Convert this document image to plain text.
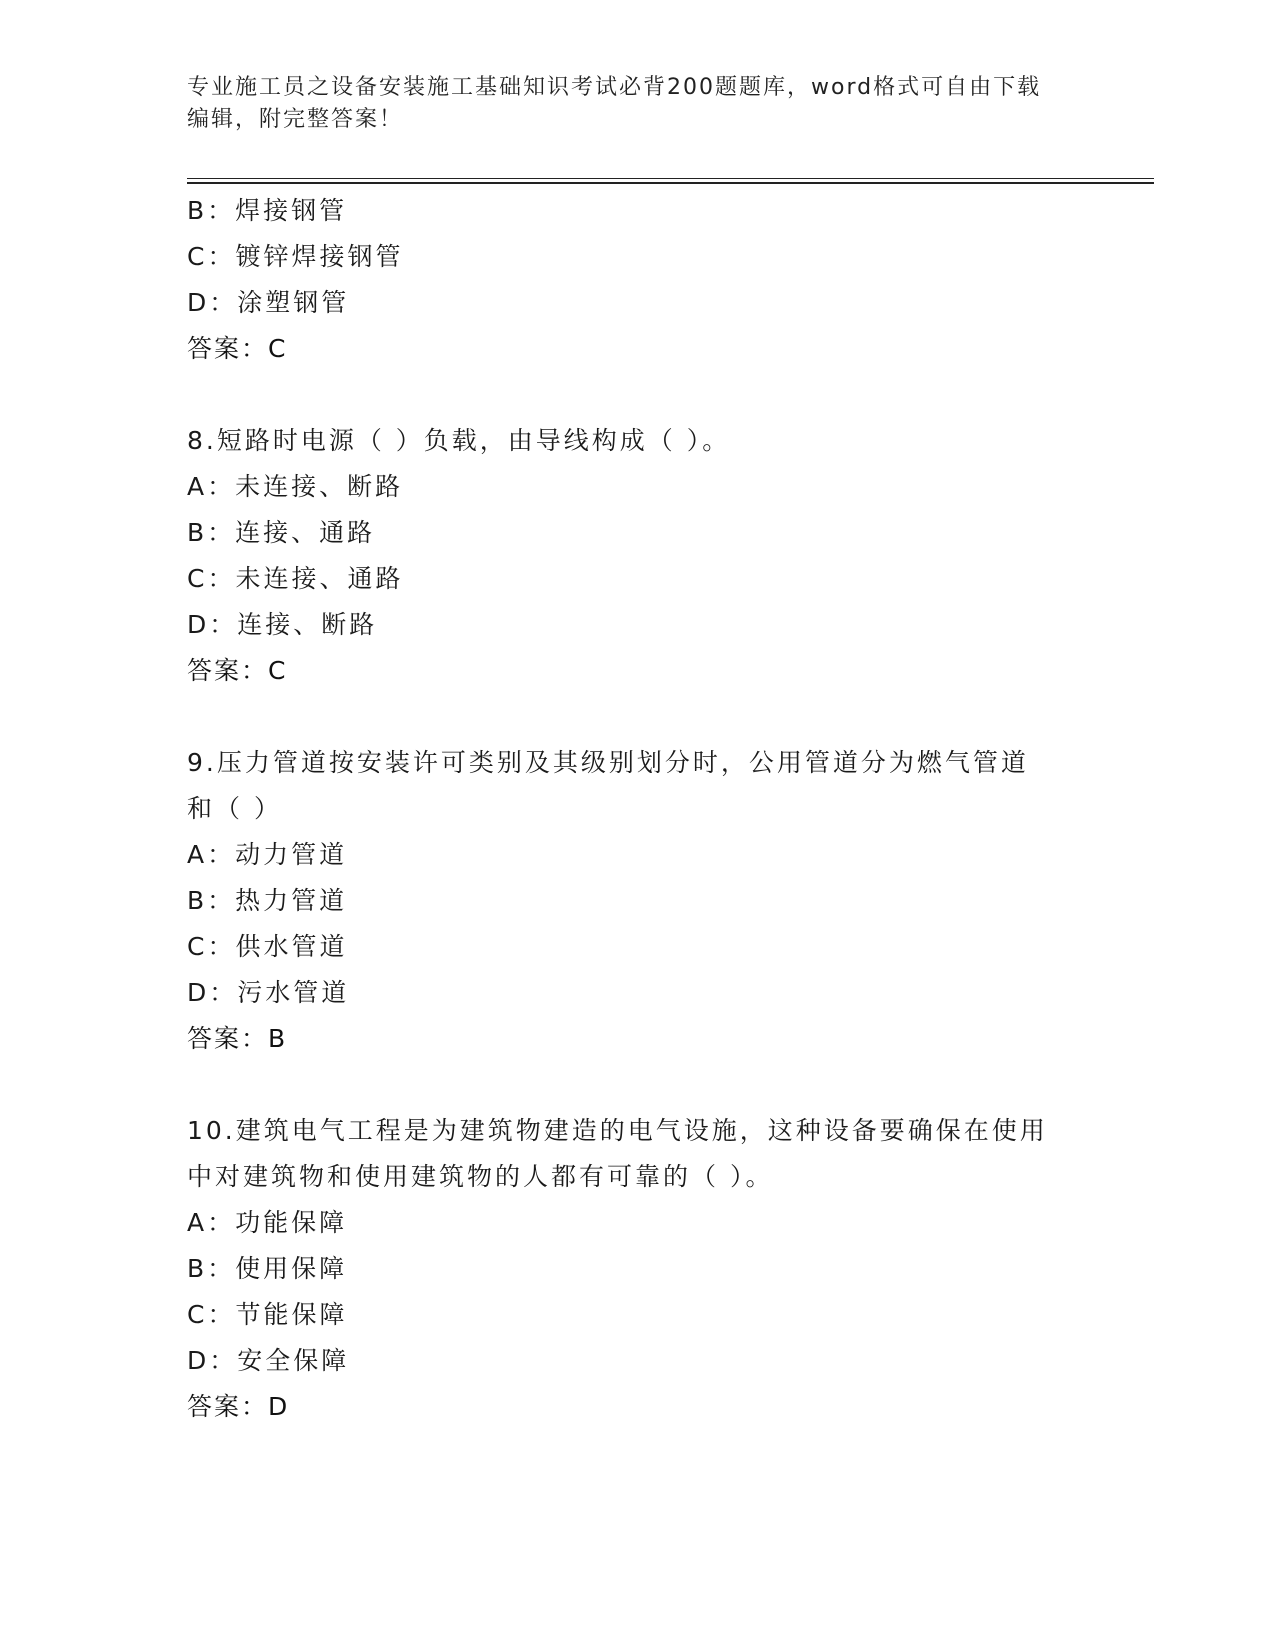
专业施工员之设备安装施工基础知识考试必背200题题库，word格式可自由下载
编辑，附完整答案！
B：焊接钢管
C：镀锌焊接钢管
D：涂塑钢管
答案：C
8.短路时电源（ ）负载，由导线构成（ ）。
A：未连接、断路
B：连接、通路
C：未连接、通路
D：连接、断路
答案：C
9.压力管道按安装许可类别及其级别划分时，公用管道分为燃气管道
和（ ）
A：动力管道
B：热力管道
C：供水管道
D：污水管道
答案：B
10.建筑电气工程是为建筑物建造的电气设施，这种设备要确保在使用
中对建筑物和使用建筑物的人都有可靠的（ ）。
A：功能保障
B：使用保障
C：节能保障
D：安全保障
答案：D
